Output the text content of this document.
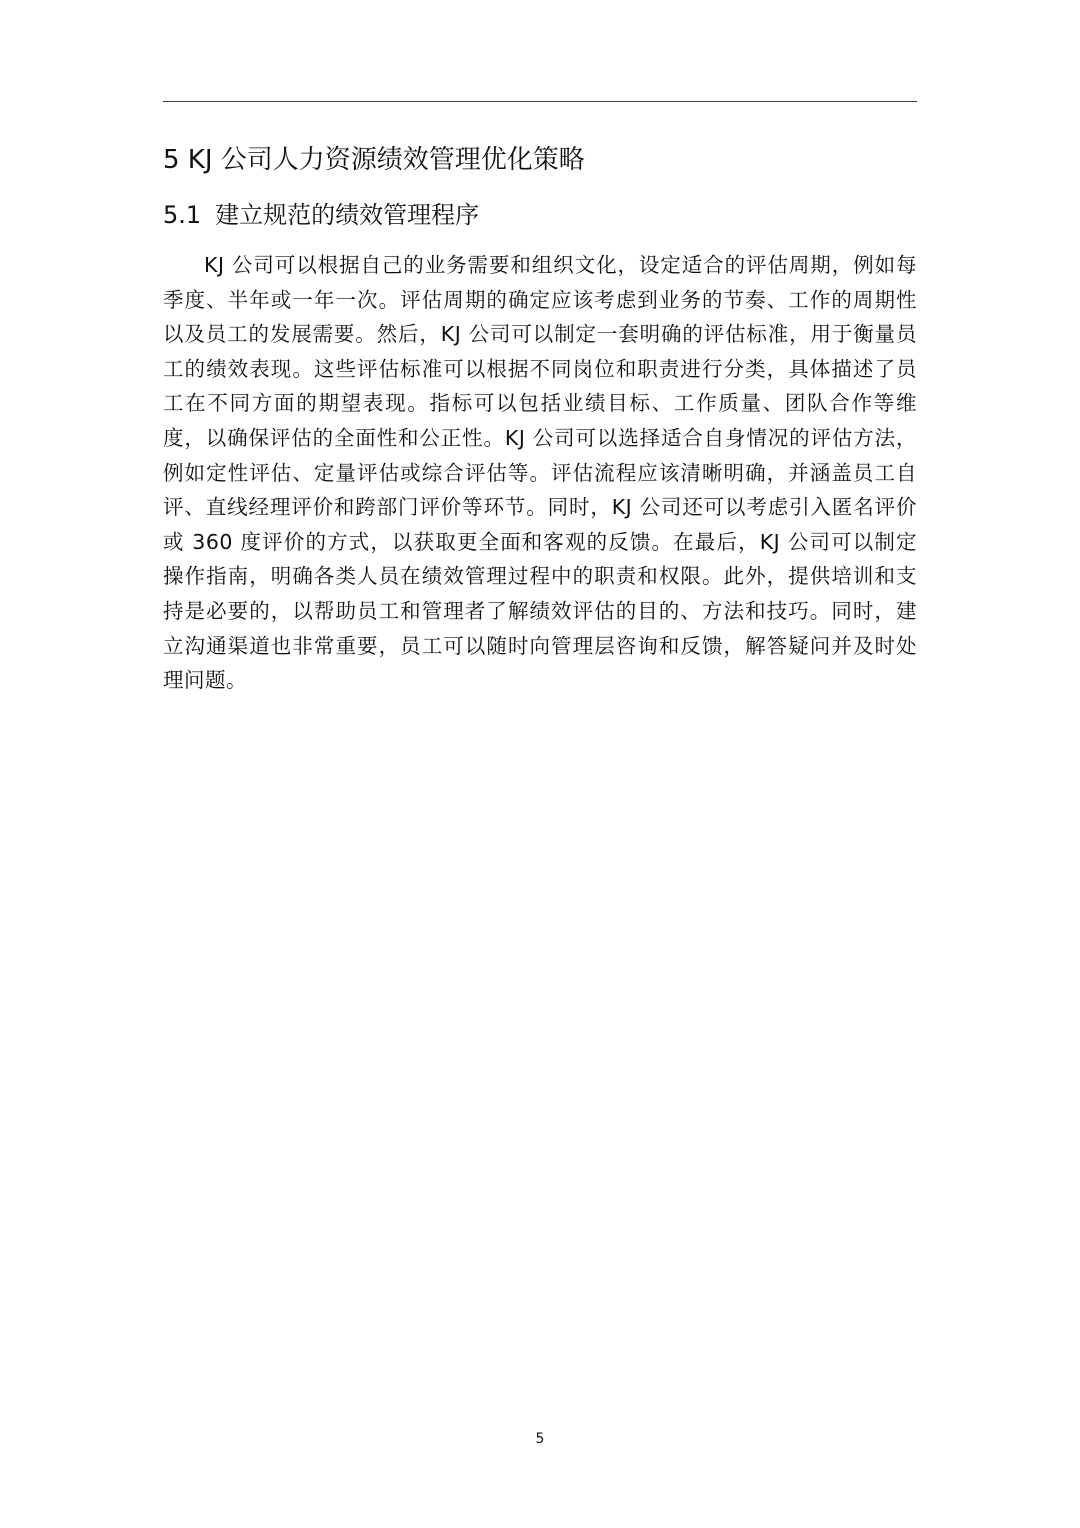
5 KJ 公司人力资源绩效管理优化策略
5.1 建立规范的绩效管理程序

KJ 公司可以根据自己的业务需要和组织文化，设定适合的评估周期，例如每季度、半年或一年一次。评估周期的确定应该考虑到业务的节奏、工作的周期性以及员工的发展需要。然后，KJ 公司可以制定一套明确的评估标准，用于衡量员工的绩效表现。这些评估标准可以根据不同岗位和职责进行分类，具体描述了员工在不同方面的期望表现。指标可以包括业绩目标、工作质量、团队合作等维度，以确保评估的全面性和公正性。KJ 公司可以选择适合自身情况的评估方法，例如定性评估、定量评估或综合评估等。评估流程应该清晰明确，并涵盖员工自评、直线经理评价和跨部门评价等环节。同时，KJ 公司还可以考虑引入匿名评价或 360 度评价的方式，以获取更全面和客观的反馈。在最后，KJ 公司可以制定操作指南，明确各类人员在绩效管理过程中的职责和权限。此外，提供培训和支持是必要的，以帮助员工和管理者了解绩效评估的目的、方法和技巧。同时，建立沟通渠道也非常重要，员工可以随时向管理层咨询和反馈，解答疑问并及时处理问题。

5
